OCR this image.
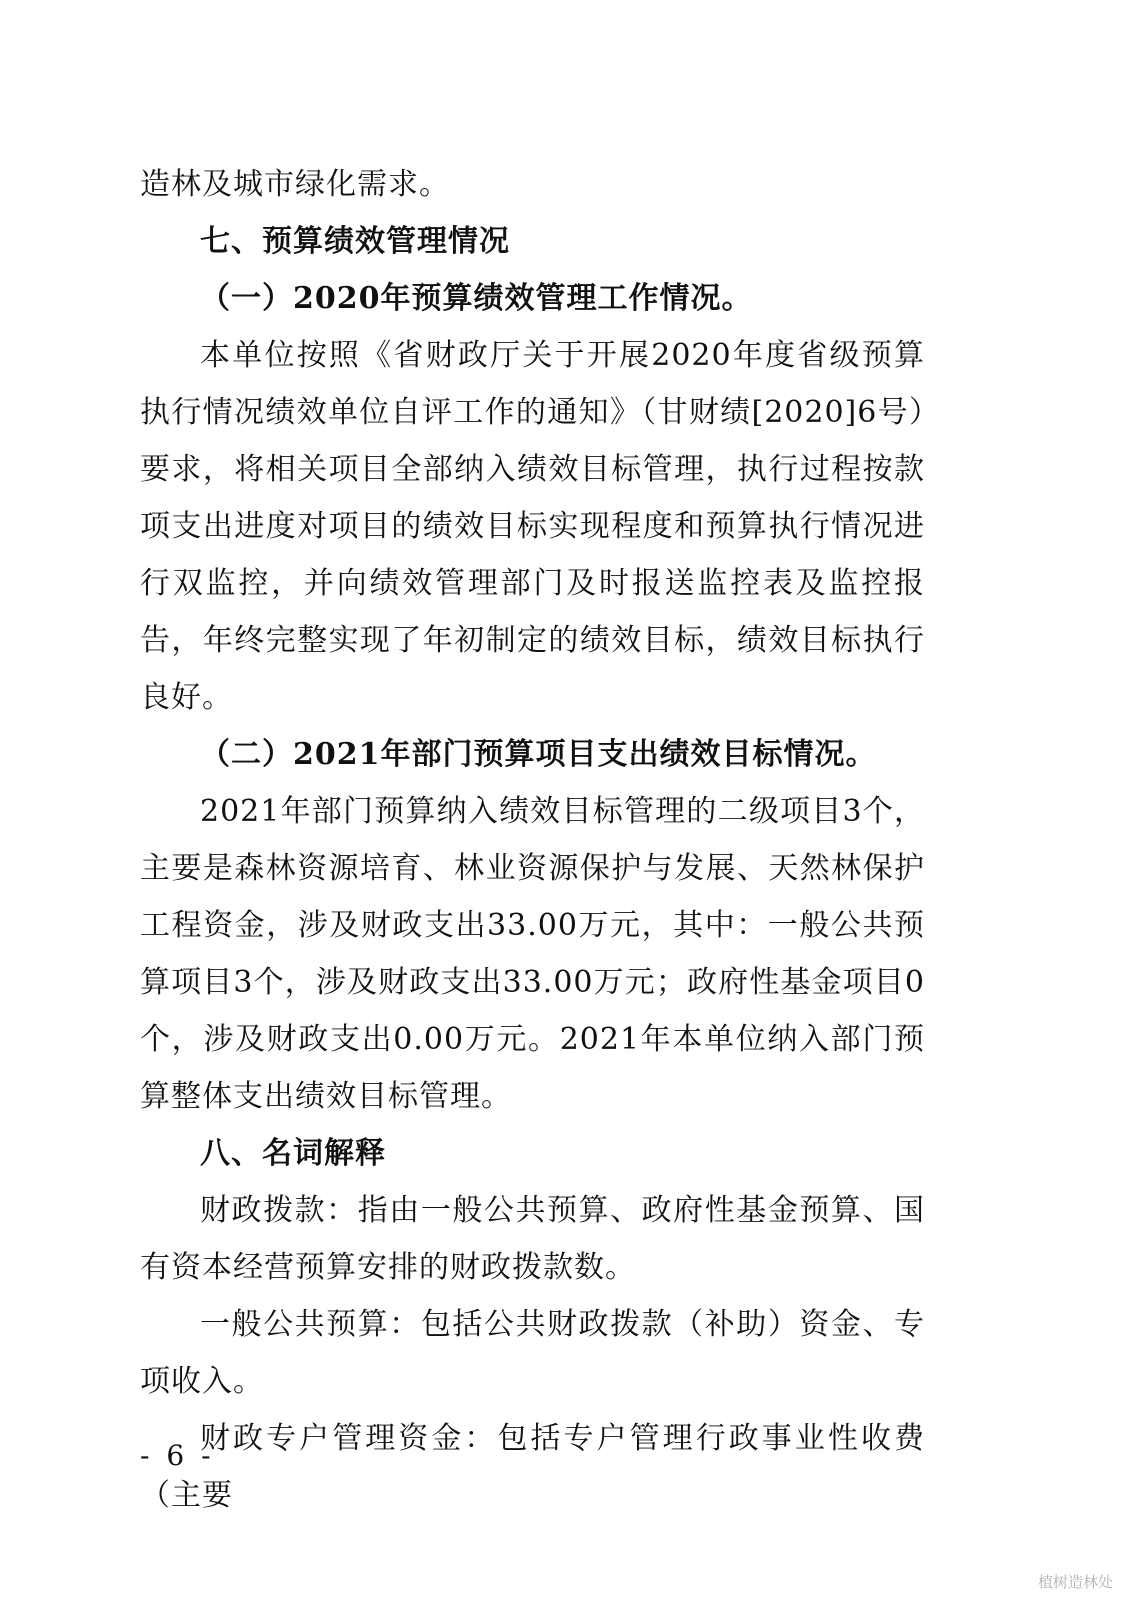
造林及城市绿化需求。

七、预算绩效管理情况

（一）2020年预算绩效管理工作情况。

本单位按照《省财政厅关于开展2020年度省级预算执行情况绩效单位自评工作的通知》（甘财绩[2020]6号）要求，将相关项目全部纳入绩效目标管理，执行过程按款项支出进度对项目的绩效目标实现程度和预算执行情况进行双监控，并向绩效管理部门及时报送监控表及监控报告，年终完整实现了年初制定的绩效目标，绩效目标执行良好。

（二）2021年部门预算项目支出绩效目标情况。

2021年部门预算纳入绩效目标管理的二级项目3个，主要是森林资源培育、林业资源保护与发展、天然林保护工程资金，涉及财政支出33.00万元，其中：一般公共预算项目3个，涉及财政支出33.00万元；政府性基金项目0个，涉及财政支出0.00万元。2021年本单位纳入部门预算整体支出绩效目标管理。

八、名词解释

财政拨款：指由一般公共预算、政府性基金预算、国有资本经营预算安排的财政拨款数。

一般公共预算：包括公共财政拨款（补助）资金、专项收入。

财政专户管理资金：包括专户管理行政事业性收费（主要

- 6 -
植树造林处
